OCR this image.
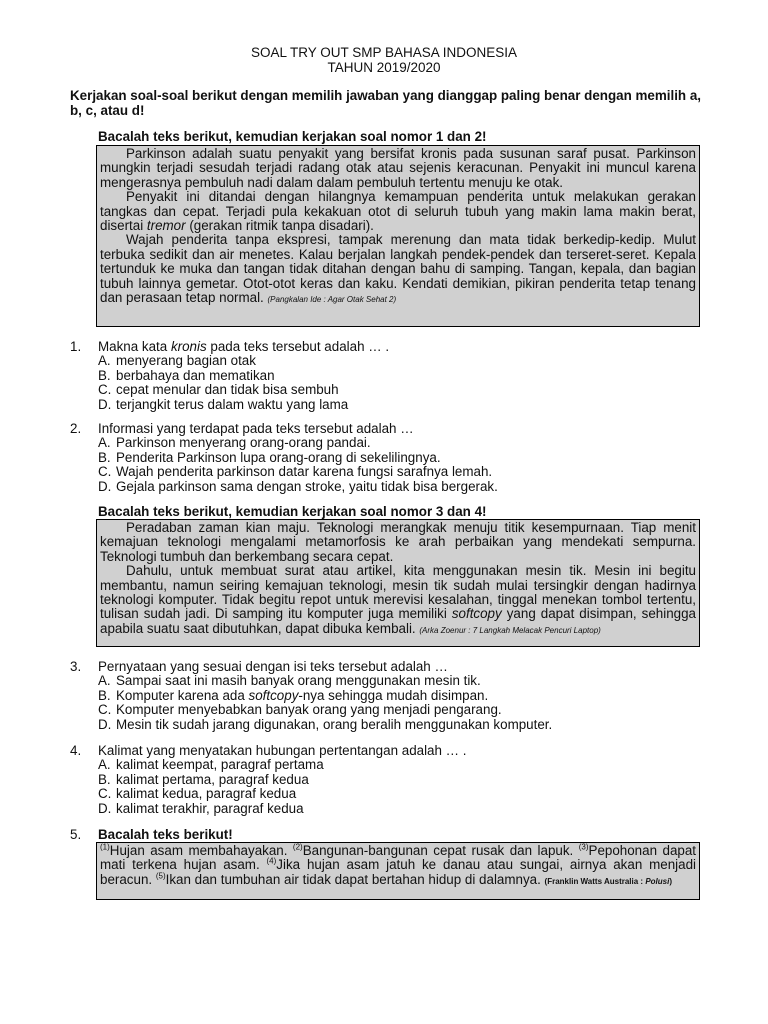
SOAL TRY OUT SMP BAHASA INDONESIA
TAHUN 2019/2020
Kerjakan soal-soal berikut dengan memilih jawaban yang dianggap paling benar dengan memilih a, b, c, atau d!
Bacalah teks berikut, kemudian kerjakan soal nomor 1 dan 2!

Parkinson adalah suatu penyakit yang bersifat kronis pada susunan saraf pusat. Parkinson mungkin terjadi sesudah terjadi radang otak atau sejenis keracunan. Penyakit ini muncul karena mengerasnya pembuluh nadi dalam dalam pembuluh tertentu menuju ke otak.

Penyakit ini ditandai dengan hilangnya kemampuan penderita untuk melakukan gerakan tangkas dan cepat. Terjadi pula kekakuan otot di seluruh tubuh yang makin lama makin berat, disertai tremor (gerakan ritmik tanpa disadari).

Wajah penderita tanpa ekspresi, tampak merenung dan mata tidak berkedip-kedip. Mulut terbuka sedikit dan air menetes. Kalau berjalan langkah pendek-pendek dan terseret-seret. Kepala tertunduk ke muka dan tangan tidak ditahan dengan bahu di samping. Tangan, kepala, dan bagian tubuh lainnya gemetar. Otot-otot keras dan kaku. Kendati demikian, pikiran penderita tetap tenang dan perasaan tetap normal. (Pangkalan Ide : Agar Otak Sehat 2)

1. Makna kata kronis pada teks tersebut adalah … .
A. menyerang bagian otak
B. berbahaya dan mematikan
C. cepat menular dan tidak bisa sembuh
D. terjangkit terus dalam waktu yang lama
2. Informasi yang terdapat pada teks tersebut adalah …
A. Parkinson menyerang orang-orang pandai.
B. Penderita Parkinson lupa orang-orang di sekelilingnya.
C. Wajah penderita parkinson datar karena fungsi sarafnya lemah.
D. Gejala parkinson sama dengan stroke, yaitu tidak bisa bergerak.
Bacalah teks berikut, kemudian kerjakan soal nomor 3 dan 4!

Peradaban zaman kian maju. Teknologi merangkak menuju titik kesempurnaan. Tiap menit kemajuan teknologi mengalami metamorfosis ke arah perbaikan yang mendekati sempurna. Teknologi tumbuh dan berkembang secara cepat.

Dahulu, untuk membuat surat atau artikel, kita menggunakan mesin tik. Mesin ini begitu membantu, namun seiring kemajuan teknologi, mesin tik sudah mulai tersingkir dengan hadirnya teknologi komputer. Tidak begitu repot untuk merevisi kesalahan, tinggal menekan tombol tertentu, tulisan sudah jadi. Di samping itu komputer juga memiliki softcopy yang dapat disimpan, sehingga apabila suatu saat dibutuhkan, dapat dibuka kembali. (Arka Zoenur : 7 Langkah Melacak Pencuri Laptop)

3. Pernyataan yang sesuai dengan isi teks tersebut adalah …
A. Sampai saat ini masih banyak orang menggunakan mesin tik.
B. Komputer karena ada softcopy-nya sehingga mudah disimpan.
C. Komputer menyebabkan banyak orang yang menjadi pengarang.
D. Mesin tik sudah jarang digunakan, orang beralih menggunakan komputer.
4. Kalimat yang menyatakan hubungan pertentangan adalah … .
A. kalimat keempat, paragraf pertama
B. kalimat pertama, paragraf kedua
C. kalimat kedua, paragraf kedua
D. kalimat terakhir, paragraf kedua
5. Bacalah teks berikut!

$^{(1)}$Hujan asam membahayakan. $^{(2)}$Bangunan-bangunan cepat rusak dan lapuk. $^{(3)}$Pepohonan dapat mati terkena hujan asam. $^{(4)}$Jika hujan asam jatuh ke danau atau sungai, airnya akan menjadi beracun. $^{(5)}$Ikan dan tumbuhan air tidak dapat bertahan hidup di dalamnya. (Franklin Watts Australia : Polusi)
